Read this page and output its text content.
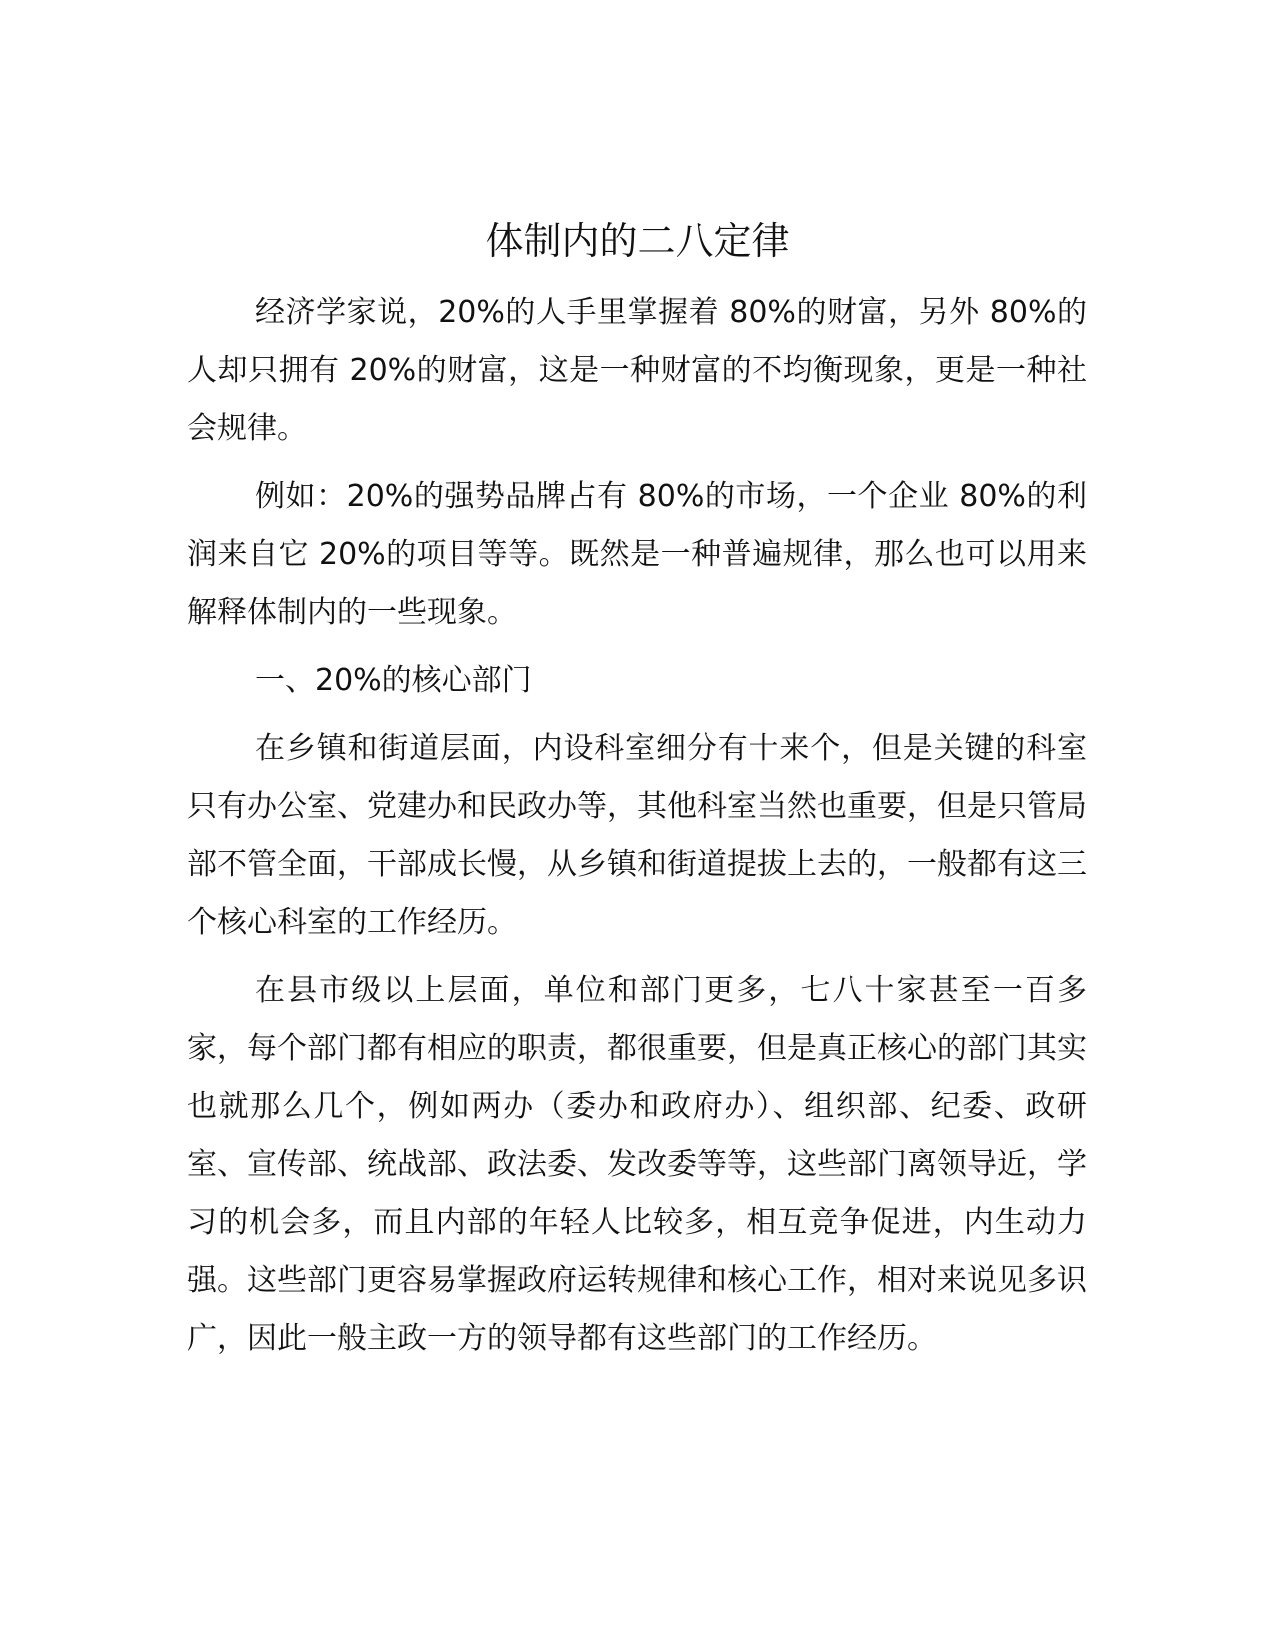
体制内的二八定律

经济学家说，20%的人手里掌握着 80%的财富，另外 80%的人却只拥有 20%的财富，这是一种财富的不均衡现象，更是一种社会规律。

例如：20%的强势品牌占有 80%的市场，一个企业 80%的利润来自它 20%的项目等等。既然是一种普遍规律，那么也可以用来解释体制内的一些现象。

一、20%的核心部门

在乡镇和街道层面，内设科室细分有十来个，但是关键的科室只有办公室、党建办和民政办等，其他科室当然也重要，但是只管局部不管全面，干部成长慢，从乡镇和街道提拔上去的，一般都有这三个核心科室的工作经历。

在县市级以上层面，单位和部门更多，七八十家甚至一百多家，每个部门都有相应的职责，都很重要，但是真正核心的部门其实也就那么几个，例如两办（委办和政府办）、组织部、纪委、政研室、宣传部、统战部、政法委、发改委等等，这些部门离领导近，学习的机会多，而且内部的年轻人比较多，相互竞争促进，内生动力强。这些部门更容易掌握政府运转规律和核心工作，相对来说见多识广，因此一般主政一方的领导都有这些部门的工作经历。
